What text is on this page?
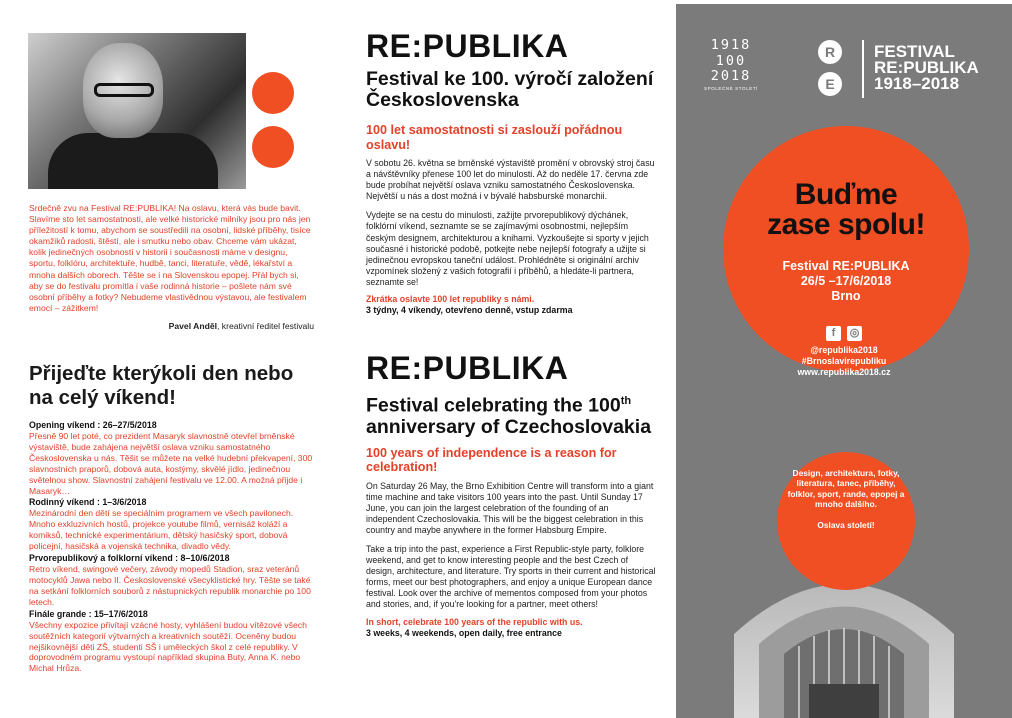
Srdečně zvu na Festival RE:PUBLIKA! Na oslavu, která vás bude bavit. Slavíme sto let samostatnosti, ale velké historické milníky jsou pro nás jen příležitostí k tomu, abychom se soustředili na osobní, lidské příběhy, tisíce okamžiků radosti, štěstí, ale i smutku nebo obav. Chceme vám ukázat, kolik jedinečných osobností v historii i současnosti máme v designu, sportu, folklóru, architektuře, hudbě, tanci, literatuře, vědě, lékařství a mnoha dalších oborech. Těšte se i na Slovenskou epopej. Přál bych si, aby se do festivalu promítla i vaše rodinná historie – pošlete nám své osobní příběhy a fotky? Nebudeme vlastivědnou výstavou, ale festivalem emocí – zážitkem!

Pavel Anděl, kreativní ředitel festivalu

Přijeďte kterýkoli den nebo na celý víkend!
Opening víkend : 26–27/5/2018
Přesně 90 let poté, co prezident Masaryk slavnostně otevřel brněnské výstaviště, bude zahájena největší oslava vzniku samostatného Československa u nás. Těšit se můžete na velké hudební překvapení, 300 slavnostních praporů, dobová auta, kostýmy, skvělé jídlo, jedinečnou světelnou show. Slavnostní zahájení festivalu ve 12.00. A možná přijde i Masaryk…
Rodinný víkend : 1–3/6/2018
Mezinárodní den dětí se speciálním programem ve všech pavilonech. Mnoho exkluzivních hostů, projekce youtube filmů, vernisáž koláží a komiksů, technické experimentárium, dětský hasičský sport, dobová policejní, hasičská a vojenská technika, divadlo vědy.
Prvorepublikový a folklorní víkend : 8–10/6/2018
Retro víkend, swingové večery, závody mopedů Stadion, sraz veteránů motocyklů Jawa nebo II. Československé všecyklistické hry. Těšte se také na setkání folklorních souborů z nástupnických republik monarchie po 100 letech.
Finále grande : 15–17/6/2018
Všechny expozice přivítají vzácné hosty, vyhlášení budou vítězové všech soutěžních kategorií výtvarných a kreativních soutěží. Oceněny budou nejšikovnější děti ZŠ, studenti SŠ i uměleckých škol z celé republiky. V doprovodném programu vystoupí například skupina Buty, Anna K. nebo Michal Hrůza.
RE:PUBLIKA
Festival ke 100. výročí založení Československa
100 let samostatnosti si zaslouží pořádnou oslavu!

V sobotu 26. května se brněnské výstaviště promění v obrovský stroj času a návštěvníky přenese 100 let do minulosti. Až do neděle 17. června zde bude probíhat největší oslava vzniku samostatného Československa. Největší u nás a dost možná i v bývalé habsburské monarchii.

Vydejte se na cestu do minulosti, zažijte prvorepublikový dýchánek, folklórní víkend, seznamte se se zajímavými osobnostmi, nejlepším českým designem, architekturou a knihami. Vyzkoušejte si sporty v jejich současné i historické podobě, potkejte nebe nejlepší fotografy a užijte si jedinečnou evropskou taneční událost. Prohlédněte si originální archiv vzpomínek složený z vašich fotografií i příběhů, a hledáte-li partnera, seznamte se!

Zkrátka oslavte 100 let republiky s námi.
3 týdny, 4 víkendy, otevřeno denně, vstup zdarma
RE:PUBLIKA
Festival celebrating the 100th anniversary of Czechoslovakia
100 years of independence is a reason for celebration!

On Saturday 26 May, the Brno Exhibition Centre will transform into a giant time machine and take visitors 100 years into the past. Until Sunday 17 June, you can join the largest celebration of the founding of an independent Czechoslovakia. This will be the biggest celebration in this country and maybe anywhere in the former Habsburg Empire.

Take a trip into the past, experience a First Republic-style party, folklore weekend, and get to know interesting people and the best Czech of design, architecture, and literature. Try sports in their current and historical forms, meet our best photographers, and enjoy a unique European dance festival. Look over the archive of mementos composed from your photos and stories, and, if you're looking for a partner, meet others!

In short, celebrate 100 years of the republic with us.
3 weeks, 4 weekends, open daily, free entrance
1918
100
2018
SPOLEČNÉ STOLETÍ
R
E
FESTIVAL
RE:PUBLIKA
1918–2018
Buďme
zase spolu!
Festival RE:PUBLIKA
26/5 –17/6/2018
Brno
f	◎
@republika2018
#Brnoslavirepubliku
www.republika2018.cz
Design, architektura, fotky, literatura, tanec, příběhy, folklor, sport, rande, epopej a mnoho dalšího.
Oslava století!
